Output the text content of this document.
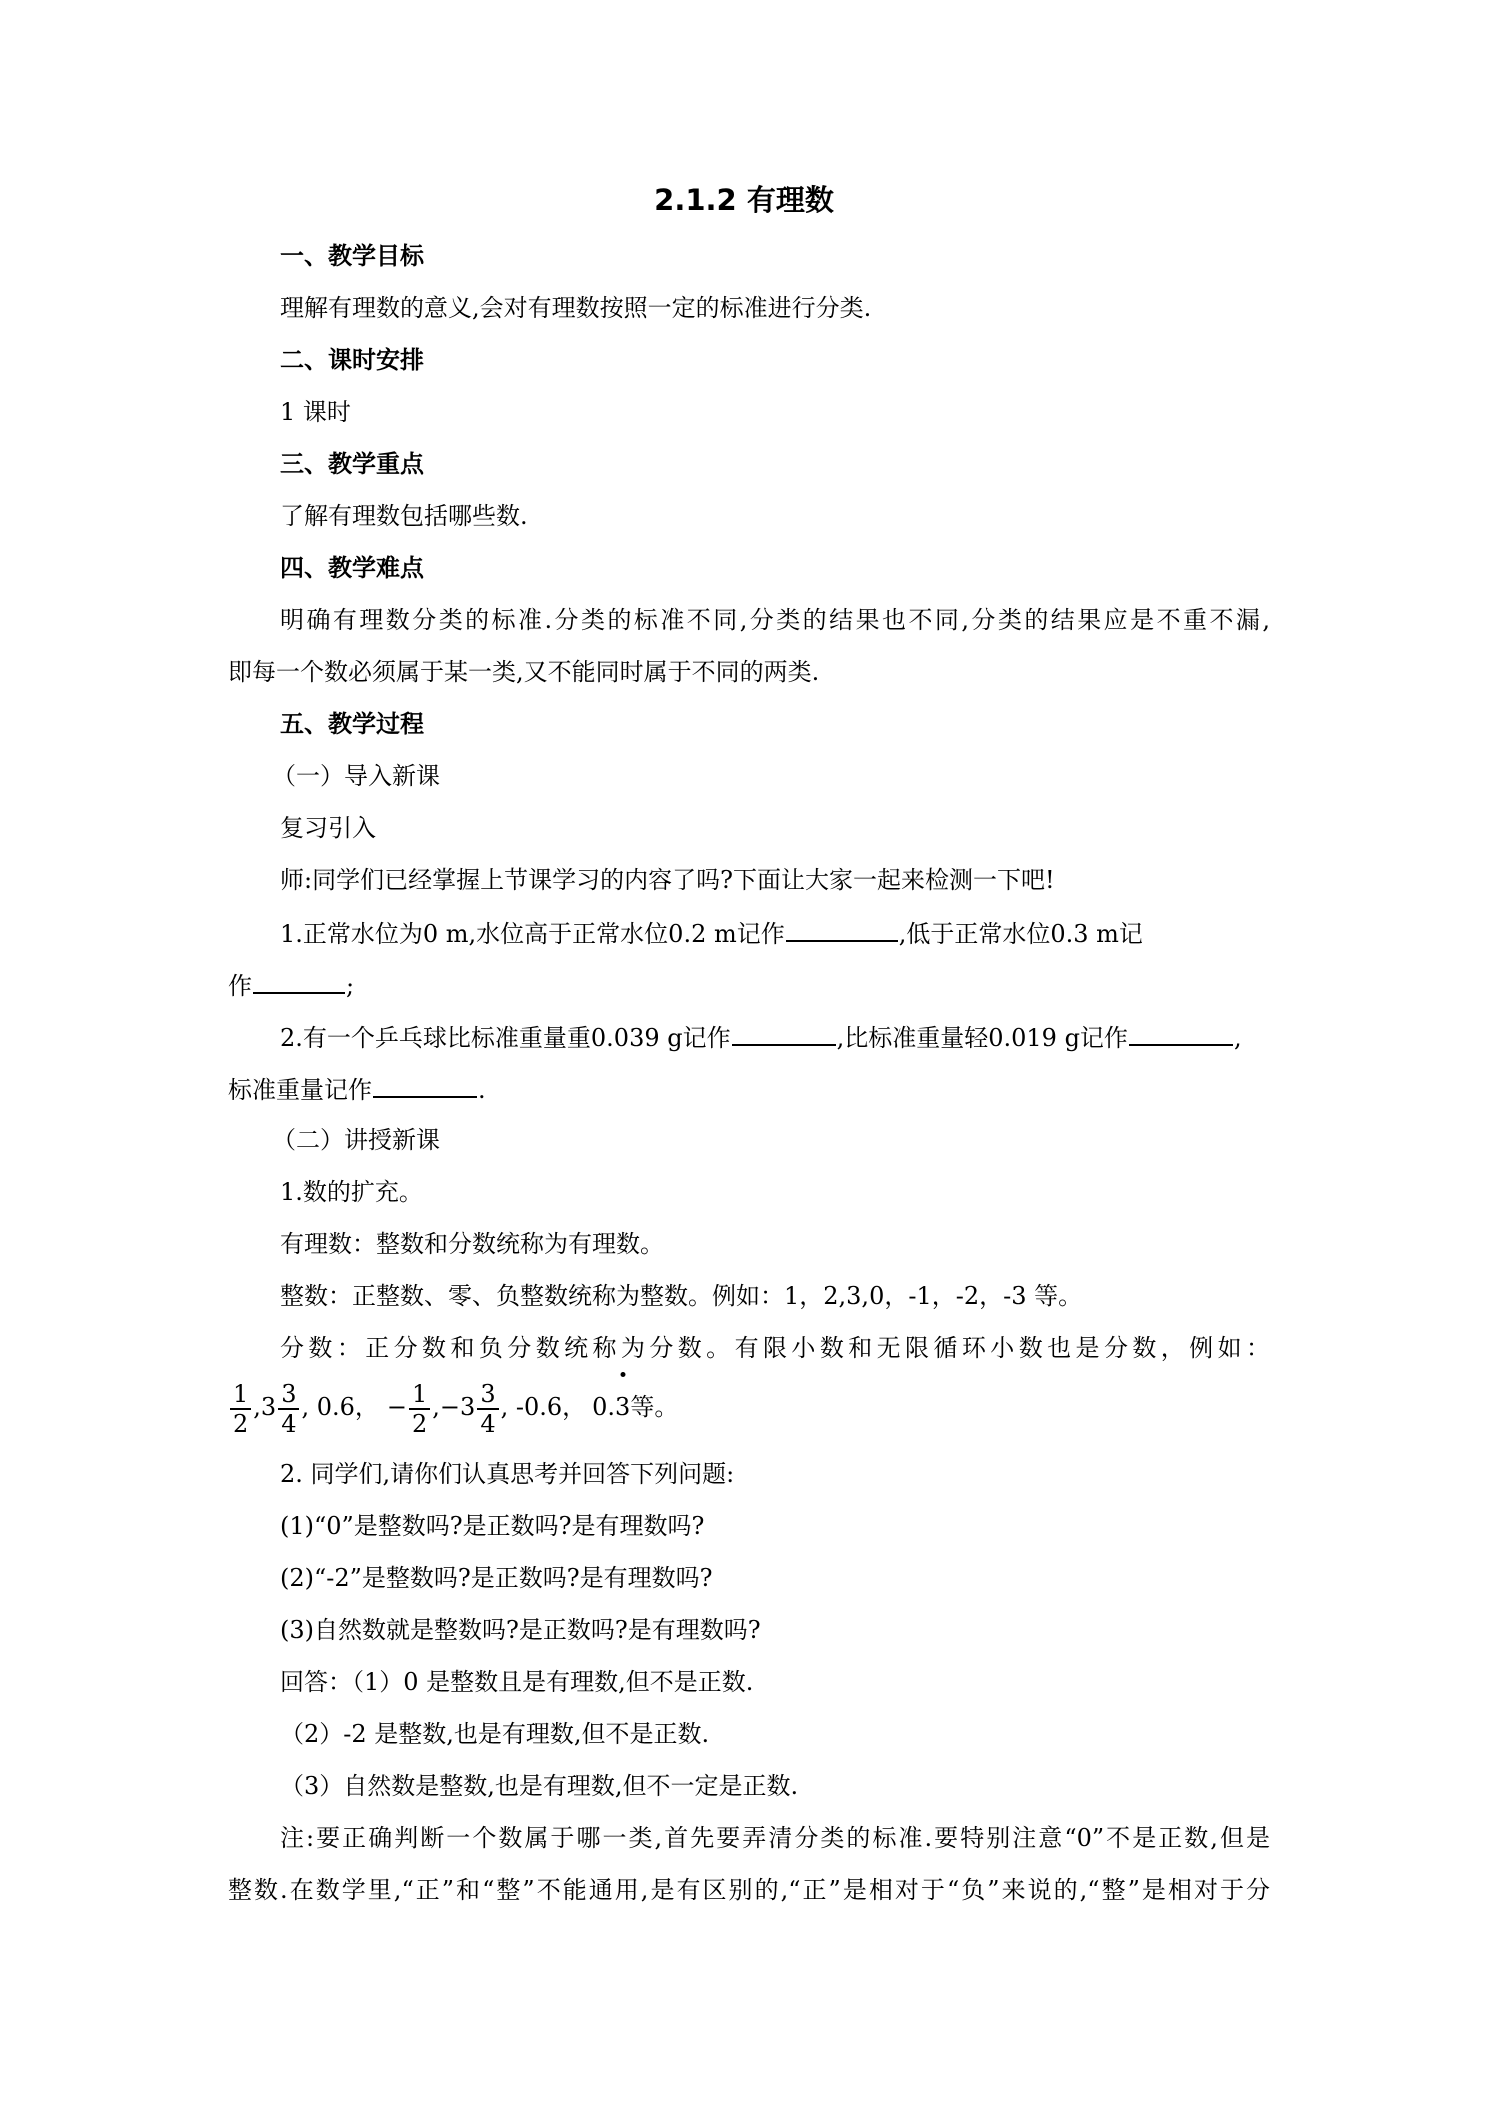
2.1.2 有理数
一、教学目标
理解有理数的意义,会对有理数按照一定的标准进行分类.
二、课时安排
1 课时
三、教学重点
了解有理数包括哪些数.
四、教学难点
明确有理数分类的标准.分类的标准不同,分类的结果也不同,分类的结果应是不重不漏,
即每一个数必须属于某一类,又不能同时属于不同的两类.
五、教学过程
（一）导入新课
复习引入
师:同学们已经掌握上节课学习的内容了吗?下面让大家一起来检测一下吧!
1.正常水位为0 m,水位高于正常水位0.2 m记作	,低于正常水位0.3 m记
作	;
2.有一个乒乓球比标准重量重0.039 g记作	,比标准重量轻0.019 g记作	,
标准重量记作	.
（二）讲授新课
1.数的扩充。
有理数：整数和分数统称为有理数。
整数：正整数、零、负整数统称为整数。例如：1，2,3,0，-1，-2，-3 等。
分数：正分数和负分数统称为分数。有限小数和无限循环小数也是分数，例如：
$\frac{1}{2} ,3 \frac{3}{4}$ , 0.6， − $\frac{1}{2} ,-3 \frac{3}{4}$ , -0.6， 0.
3等。
2. 同学们,请你们认真思考并回答下列问题:
(1)“0”是整数吗?是正数吗?是有理数吗?
(2)“-2”是整数吗?是正数吗?是有理数吗?
(3)自然数就是整数吗?是正数吗?是有理数吗?
回答：（1）0 是整数且是有理数,但不是正数.
（2）-2 是整数,也是有理数,但不是正数.
（3）自然数是整数,也是有理数,但不一定是正数.
注:要正确判断一个数属于哪一类,首先要弄清分类的标准.要特别注意“0”不是正数,但是
整数.在数学里,“正”和“整”不能通用,是有区别的,“正”是相对于“负”来说的,“整”是相对于分
